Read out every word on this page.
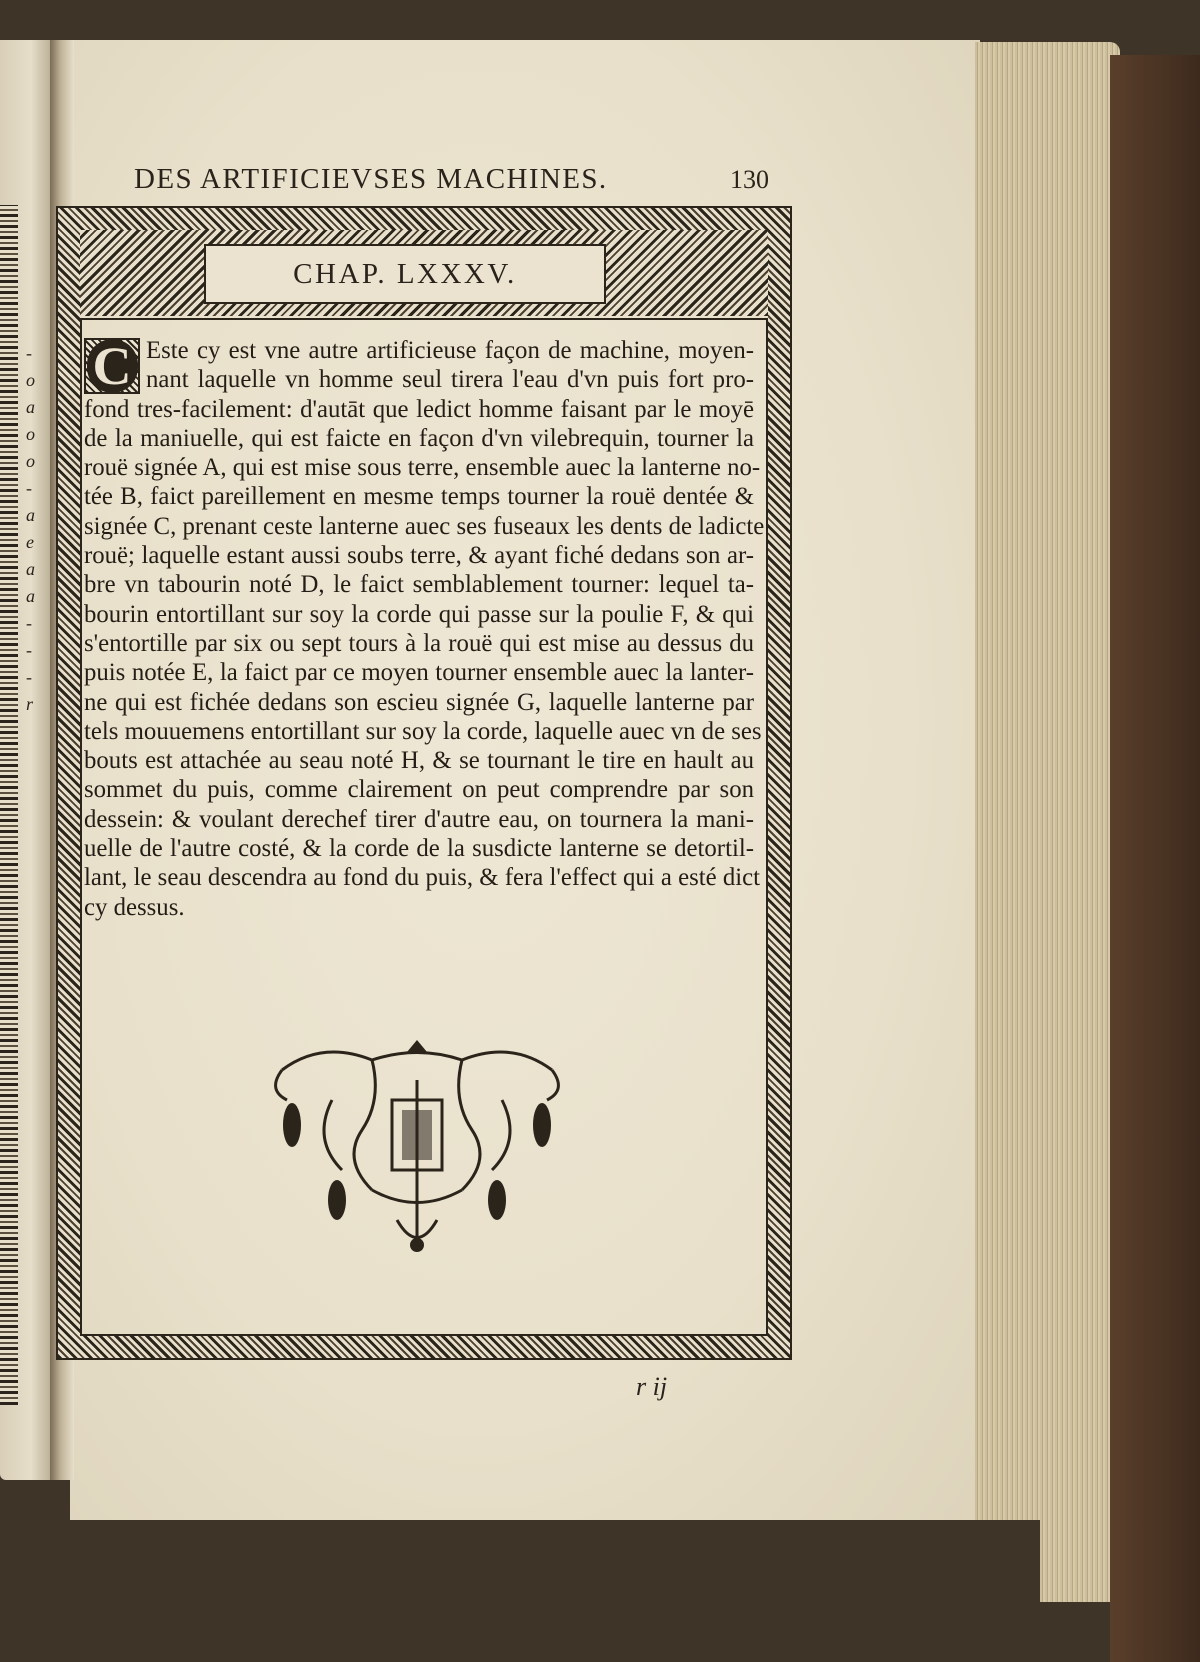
-
o
a
o
o
-
a
e
a
a
-
-
-
r
DES ARTIFICIEVSES MACHINES.	130
CHAP. LXXXV.
C Este cy est vne autre artificieuse façon de machine, moyen-
nant laquelle vn homme seul tirera l'eau d'vn puis fort pro-
fond tres-facilement: d'autāt que ledict homme faisant par le moyē
de la maniuelle, qui est faicte en façon d'vn vilebrequin, tourner la
rouë signée A, qui est mise sous terre, ensemble auec la lanterne no-
tée B, faict pareillement en mesme temps tourner la rouë dentée &
signée C, prenant ceste lanterne auec ses fuseaux les dents de ladicte
rouë; laquelle estant aussi soubs terre, & ayant fiché dedans son ar-
bre vn tabourin noté D, le faict semblablement tourner: lequel ta-
bourin entortillant sur soy la corde qui passe sur la poulie F, & qui
s'entortille par six ou sept tours à la rouë qui est mise au dessus du
puis notée E, la faict par ce moyen tourner ensemble auec la lanter-
ne qui est fichée dedans son escieu signée G, laquelle lanterne par
tels mouuemens entortillant sur soy la corde, laquelle auec vn de ses
bouts est attachée au seau noté H, & se tournant le tire en hault au
sommet du puis, comme clairement on peut comprendre par son
dessein: & voulant derechef tirer d'autre eau, on tournera la mani-
uelle de l'autre costé, & la corde de la susdicte lanterne se detortil-
lant, le seau descendra au fond du puis, & fera l'effect qui a esté dict
cy dessus.
r ij
